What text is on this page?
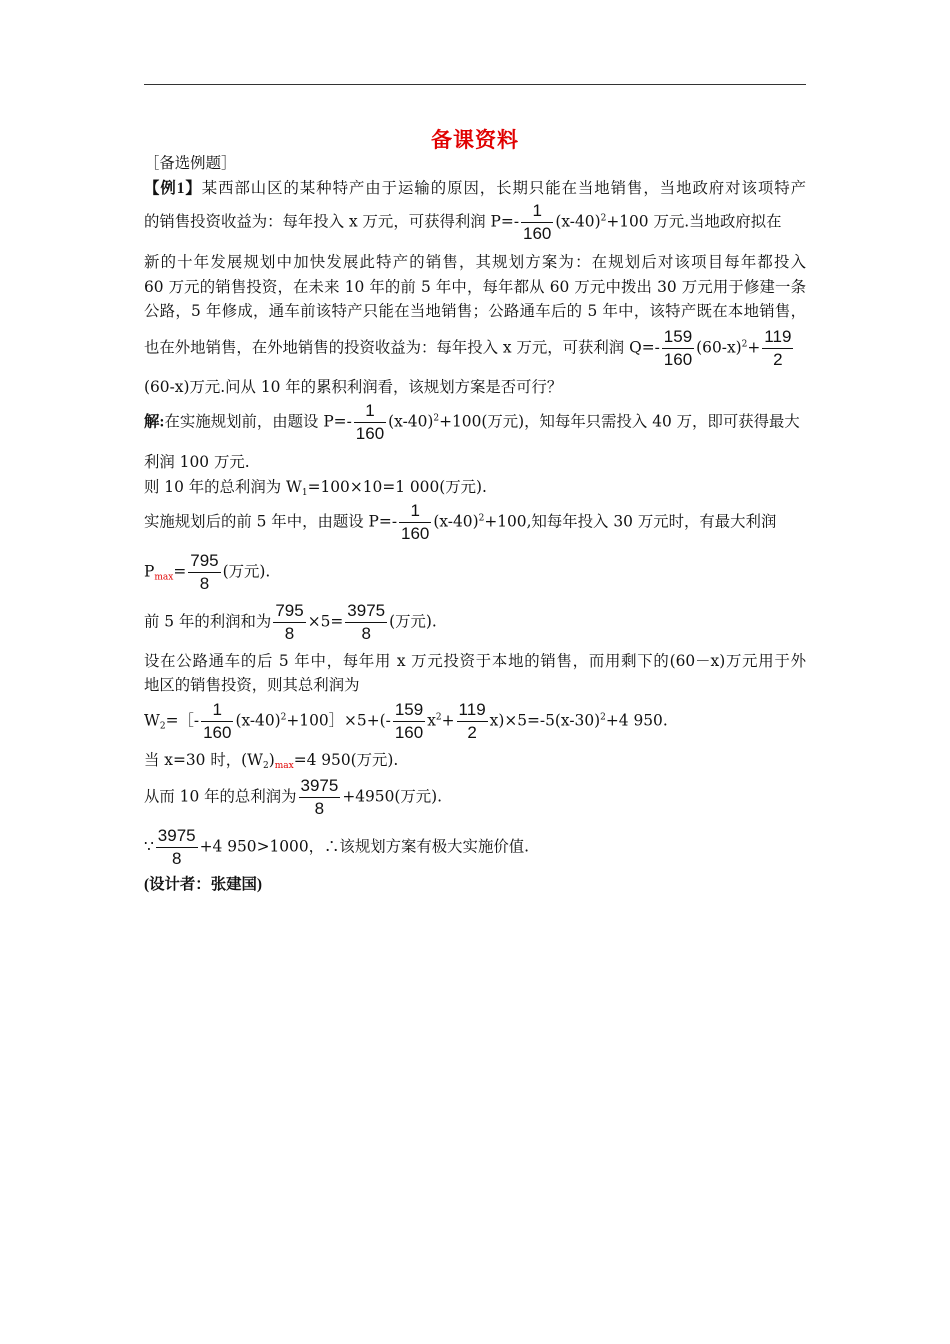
备课资料
［备选例题］
【例1】某西部山区的某种特产由于运输的原因，长期只能在当地销售，当地政府对该项特产
的销售投资收益为：每年投入 x 万元，可获得利润 $P=- \frac{1}{160} (x-40)^2+100$ 万元.当地政府拟在
新的十年发展规划中加快发展此特产的销售，其规划方案为：在规划后对该项目每年都投入
60 万元的销售投资，在未来 10 年的前 5 年中，每年都从 60 万元中拨出 30 万元用于修建一条
公路，5 年修成，通车前该特产只能在当地销售；公路通车后的 5 年中，该特产既在本地销售，
也在外地销售，在外地销售的投资收益为：每年投入 x 万元，可获利润 $Q=- \frac{159}{160} (60-x)^2+ \frac{119}{2}$
(60-x)万元.问从 10 年的累积利润看，该规划方案是否可行？
解:在实施规划前，由题设 $P=- \frac{1}{160} (x-40)^2+100$(万元)，知每年只需投入 40 万，即可获得最大
利润 100 万元.
则 10 年的总利润为 $W_1=100\times 10=1$ 000(万元).
实施规划后的前 5 年中，由题设 $P=- \frac{1}{160} (x-40)^2+100$,知每年投入 30 万元时，有最大利润
$P_{max}= \frac{795}{8}$ (万元).
前 5 年的利润和为 $\frac{795}{8} \times 5= \frac{3975}{8}$ (万元).
设在公路通车的后 5 年中，每年用 x 万元投资于本地的销售，而用剩下的(60－x)万元用于外
地区的销售投资，则其总利润为
$W_2=[- \frac{1}{160}$ $(x-40)^2+100]\times 5+(- \frac{159}{160} x^2+ \frac{119}{2} x)\times 5=-5(x-30)^2+4$ 950.
当 x=30 时，$(W_2)_{max}=4$ 950(万元).
从而 10 年的总利润为 $\frac{3975}{8} +4950$(万元).
∵ $\frac{3975}{8} +4$ 950>1000，∴该规划方案有极大实施价值.
(设计者：张建国)
